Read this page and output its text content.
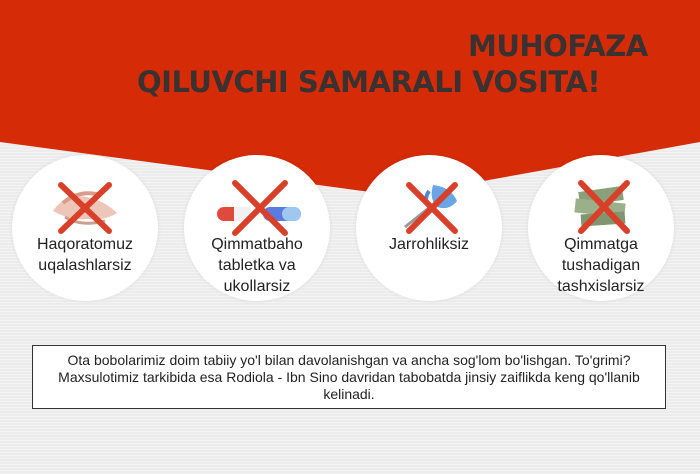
MUHOFAZA
QILUVCHI SAMARALI VOSITA!
Haqoratomuz uqalashlarsiz
Qimmatbaho tabletka va ukollarsiz
Jarrohliksiz	Qimmatga tushadigan tashxislarsiz
Ota bobolarimiz doim tabiiy yo'l bilan davolanishgan va ancha sog'lom bo'lishgan. To'grimi? Maxsulotimiz tarkibida esa Rodiola - Ibn Sino davridan tabobatda jinsiy zaiflikda keng qo'llanib kelinadi.
